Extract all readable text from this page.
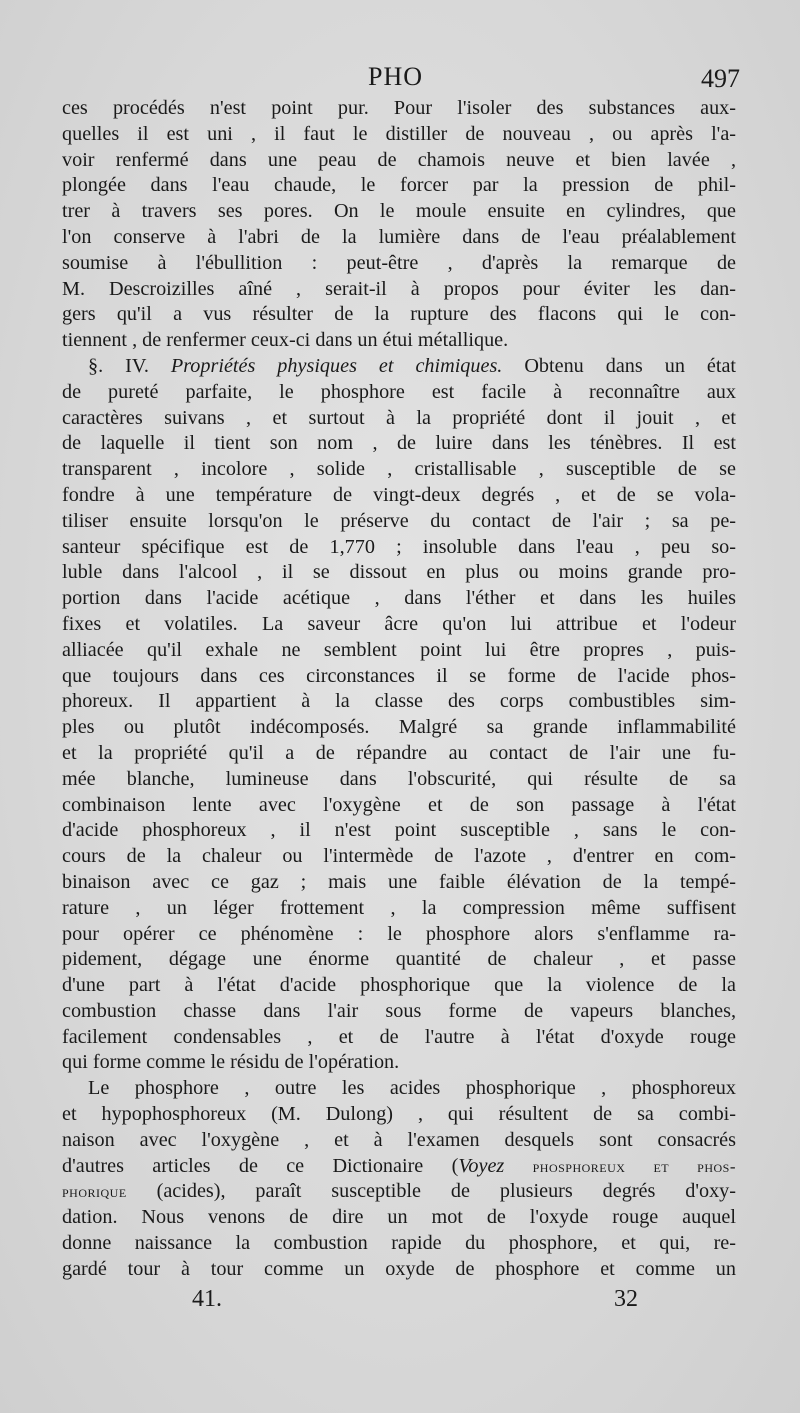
PHO	497
ces procédés n'est point pur. Pour l'isoler des substances aux-
quelles il est uni , il faut le distiller de nouveau , ou après l'a-
voir renfermé dans une peau de chamois neuve et bien lavée ,
plongée dans l'eau chaude, le forcer par la pression de phil-
trer à travers ses pores. On le moule ensuite en cylindres, que
l'on conserve à l'abri de la lumière dans de l'eau préalablement
soumise à l'ébullition : peut-être , d'après la remarque de
M. Descroizilles aîné , serait-il à propos pour éviter les dan-
gers qu'il a vus résulter de la rupture des flacons qui le con-
tiennent , de renfermer ceux-ci dans un étui métallique.
§. IV. Propriétés physiques et chimiques. Obtenu dans un état
de pureté parfaite, le phosphore est facile à reconnaître aux
caractères suivans , et surtout à la propriété dont il jouit , et
de laquelle il tient son nom , de luire dans les ténèbres. Il est
transparent , incolore , solide , cristallisable , susceptible de se
fondre à une température de vingt-deux degrés , et de se vola-
tiliser ensuite lorsqu'on le préserve du contact de l'air ; sa pe-
santeur spécifique est de 1,770 ; insoluble dans l'eau , peu so-
luble dans l'alcool , il se dissout en plus ou moins grande pro-
portion dans l'acide acétique , dans l'éther et dans les huiles
fixes et volatiles. La saveur âcre qu'on lui attribue et l'odeur
alliacée qu'il exhale ne semblent point lui être propres , puis-
que toujours dans ces circonstances il se forme de l'acide phos-
phoreux. Il appartient à la classe des corps combustibles sim-
ples ou plutôt indécomposés. Malgré sa grande inflammabilité
et la propriété qu'il a de répandre au contact de l'air une fu-
mée blanche, lumineuse dans l'obscurité, qui résulte de sa
combinaison lente avec l'oxygène et de son passage à l'état
d'acide phosphoreux , il n'est point susceptible , sans le con-
cours de la chaleur ou l'intermède de l'azote , d'entrer en com-
binaison avec ce gaz ; mais une faible élévation de la tempé-
rature , un léger frottement , la compression même suffisent
pour opérer ce phénomène : le phosphore alors s'enflamme ra-
pidement, dégage une énorme quantité de chaleur , et passe
d'une part à l'état d'acide phosphorique que la violence de la
combustion chasse dans l'air sous forme de vapeurs blanches,
facilement condensables , et de l'autre à l'état d'oxyde rouge
qui forme comme le résidu de l'opération.
Le phosphore , outre les acides phosphorique , phosphoreux
et hypophosphoreux (M. Dulong) , qui résultent de sa combi-
naison avec l'oxygène , et à l'examen desquels sont consacrés
d'autres articles de ce Dictionaire (Voyez phosphoreux et phos-
phorique (acides), paraît susceptible de plusieurs degrés d'oxy-
dation. Nous venons de dire un mot de l'oxyde rouge auquel
donne naissance la combustion rapide du phosphore, et qui, re-
gardé tour à tour comme un oxyde de phosphore et comme un
41.	32
